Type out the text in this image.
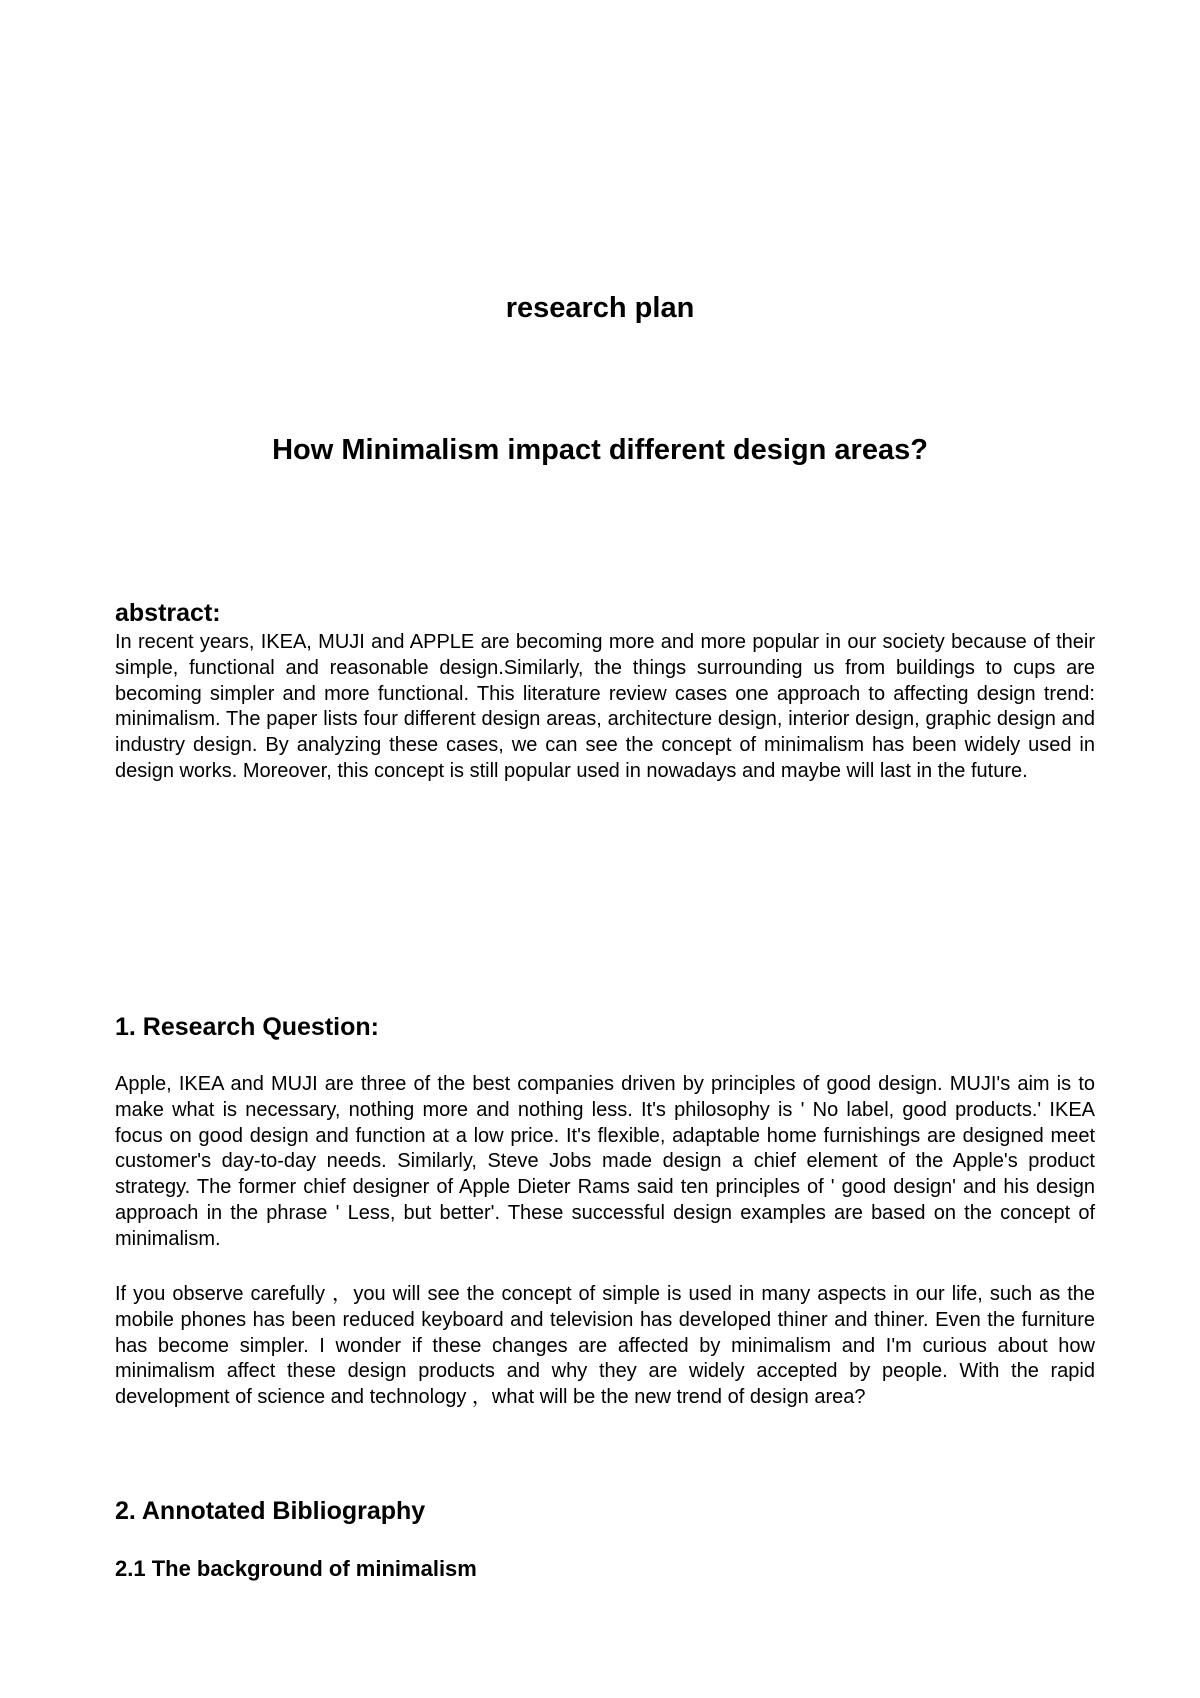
research plan
How Minimalism impact different design areas?
abstract:

In recent years, IKEA, MUJI and APPLE are becoming more and more popular in our society because of their simple, functional and reasonable design.Similarly, the things surrounding us from buildings to cups are becoming simpler and more functional. This literature review cases one approach to affecting design trend: minimalism. The paper lists four different design areas, architecture design, interior design, graphic design and industry design. By analyzing these cases, we can see the concept of minimalism has been widely used in design works. Moreover, this concept is still popular used in nowadays and maybe will last in the future.

1. Research Question:

Apple, IKEA and MUJI are three of the best companies driven by principles of good design. MUJI's aim is to make what is necessary, nothing more and nothing less. It's philosophy is ' No label, good products.' IKEA focus on good design and function at a low price. It's flexible, adaptable home furnishings are designed meet customer's day-to-day needs. Similarly, Steve Jobs made design a chief element of the Apple's product strategy. The former chief designer of Apple Dieter Rams said ten principles of ' good design' and his design approach in the phrase ' Less, but better'. These successful design examples are based on the concept of minimalism.

If you observe carefully ，you will see the concept of simple is used in many aspects in our life, such as the mobile phones has been reduced keyboard and television has developed thiner and thiner. Even the furniture has become simpler. I wonder if these changes are affected by minimalism and I'm curious about how minimalism affect these design products and why they are widely accepted by people. With the rapid development of science and technology ，what will be the new trend of design area?

2. Annotated Bibliography
2.1 The background of minimalism
